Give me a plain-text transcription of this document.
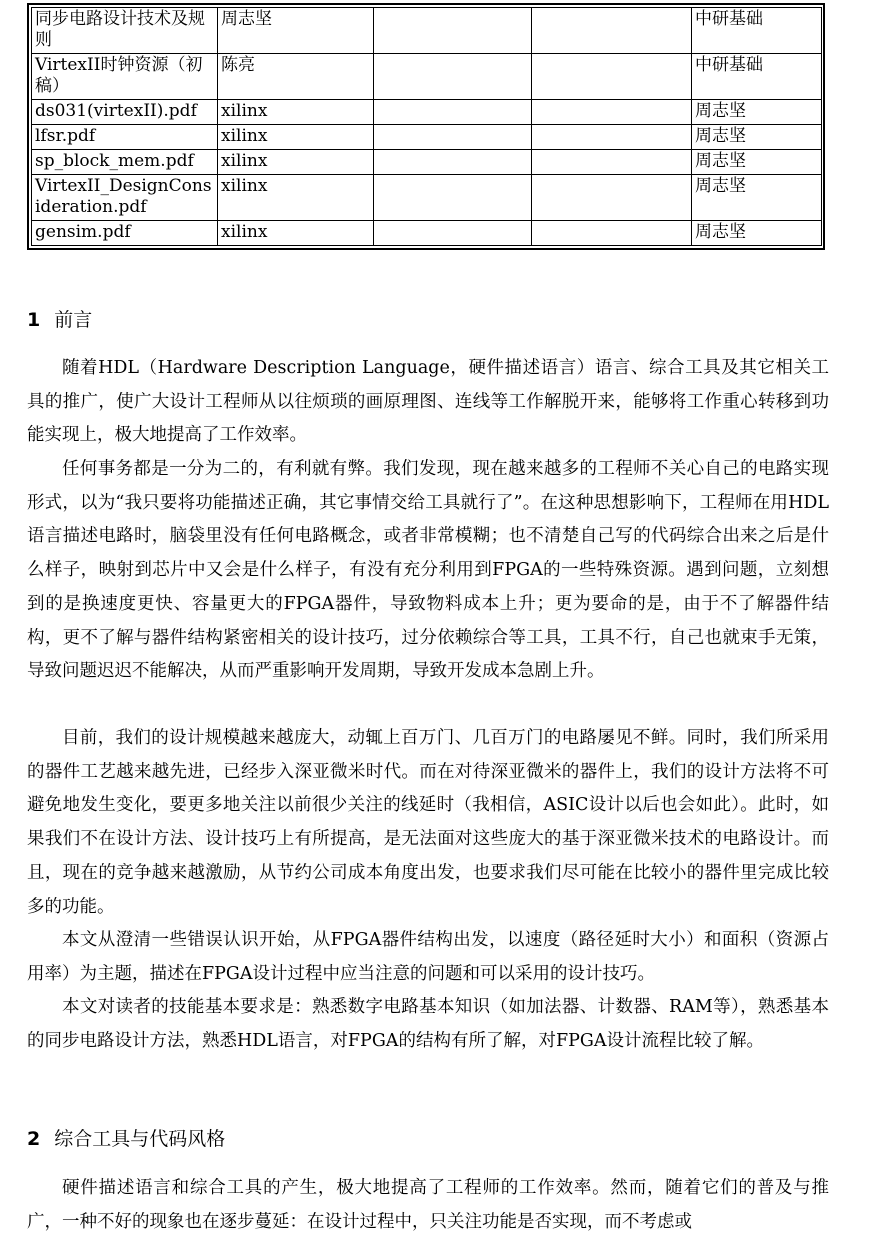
同步电路设计技术及规则	周志坚			中研基础
VirtexII时钟资源（初稿）	陈亮			中研基础
ds031(virtexII).pdf	xilinx			周志坚
lfsr.pdf	xilinx			周志坚
sp_block_mem.pdf	xilinx			周志坚
VirtexII_DesignConsideration.pdf	xilinx			周志坚
gensim.pdf	xilinx			周志坚
1 前言

随着HDL（Hardware Description Language，硬件描述语言）语言、综合工具及其它相关工具的推广，使广大设计工程师从以往烦琐的画原理图、连线等工作解脱开来，能够将工作重心转移到功能实现上，极大地提高了工作效率。

任何事务都是一分为二的，有利就有弊。我们发现，现在越来越多的工程师不关心自己的电路实现形式，以为“我只要将功能描述正确，其它事情交给工具就行了”。在这种思想影响下，工程师在用HDL语言描述电路时，脑袋里没有任何电路概念，或者非常模糊；也不清楚自己写的代码综合出来之后是什么样子，映射到芯片中又会是什么样子，有没有充分利用到FPGA的一些特殊资源。遇到问题，立刻想到的是换速度更快、容量更大的FPGA器件，导致物料成本上升；更为要命的是，由于不了解器件结构，更不了解与器件结构紧密相关的设计技巧，过分依赖综合等工具，工具不行，自己也就束手无策，导致问题迟迟不能解决，从而严重影响开发周期，导致开发成本急剧上升。

目前，我们的设计规模越来越庞大，动辄上百万门、几百万门的电路屡见不鲜。同时，我们所采用的器件工艺越来越先进，已经步入深亚微米时代。而在对待深亚微米的器件上，我们的设计方法将不可避免地发生变化，要更多地关注以前很少关注的线延时（我相信，ASIC设计以后也会如此）。此时，如果我们不在设计方法、设计技巧上有所提高，是无法面对这些庞大的基于深亚微米技术的电路设计。而且，现在的竞争越来越激励，从节约公司成本角度出发，也要求我们尽可能在比较小的器件里完成比较多的功能。

本文从澄清一些错误认识开始，从FPGA器件结构出发，以速度（路径延时大小）和面积（资源占用率）为主题，描述在FPGA设计过程中应当注意的问题和可以采用的设计技巧。

本文对读者的技能基本要求是：熟悉数字电路基本知识（如加法器、计数器、RAM等），熟悉基本的同步电路设计方法，熟悉HDL语言，对FPGA的结构有所了解，对FPGA设计流程比较了解。

2 综合工具与代码风格

硬件描述语言和综合工具的产生，极大地提高了工程师的工作效率。然而，随着它们的普及与推广，一种不好的现象也在逐步蔓延：在设计过程中，只关注功能是否实现，而不考虑或
